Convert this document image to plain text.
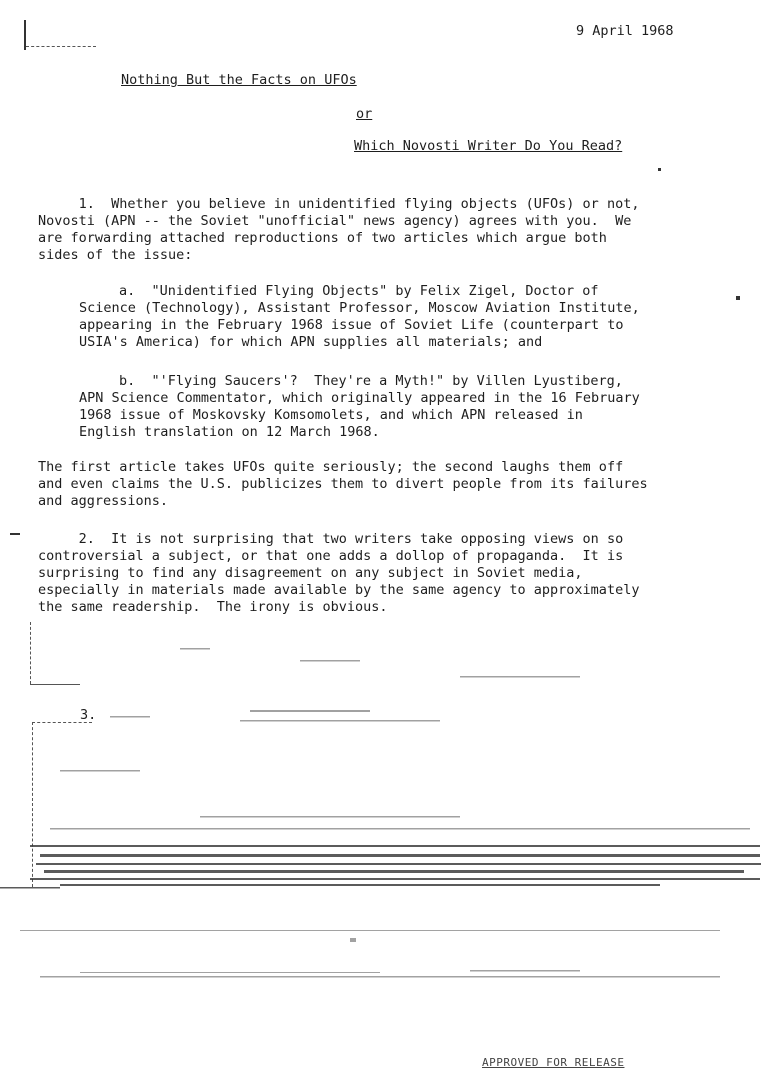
9 April 1968
Nothing But the Facts on UFOs
or
Which Novosti Writer Do You Read?
1.  Whether you believe in unidentified flying objects (UFOs) or not,
Novosti (APN -- the Soviet "unofficial" news agency) agrees with you.  We
are forwarding attached reproductions of two articles which argue both
sides of the issue:
a.  "Unidentified Flying Objects" by Felix Zigel, Doctor of
Science (Technology), Assistant Professor, Moscow Aviation Institute,
appearing in the February 1968 issue of Soviet Life (counterpart to
USIA's America) for which APN supplies all materials; and
b.  "'Flying Saucers'?  They're a Myth!" by Villen Lyustiberg,
APN Science Commentator, which originally appeared in the 16 February
1968 issue of Moskovsky Komsomolets, and which APN released in
English translation on 12 March 1968.
The first article takes UFOs quite seriously; the second laughs them off
and even claims the U.S. publicizes them to divert people from its failures
and aggressions.
2.  It is not surprising that two writers take opposing views on so
controversial a subject, or that one adds a dollop of propaganda.  It is
surprising to find any disagreement on any subject in Soviet media,
especially in materials made available by the same agency to approximately
the same readership.  The irony is obvious.
3.
APPROVED FOR RELEASE
